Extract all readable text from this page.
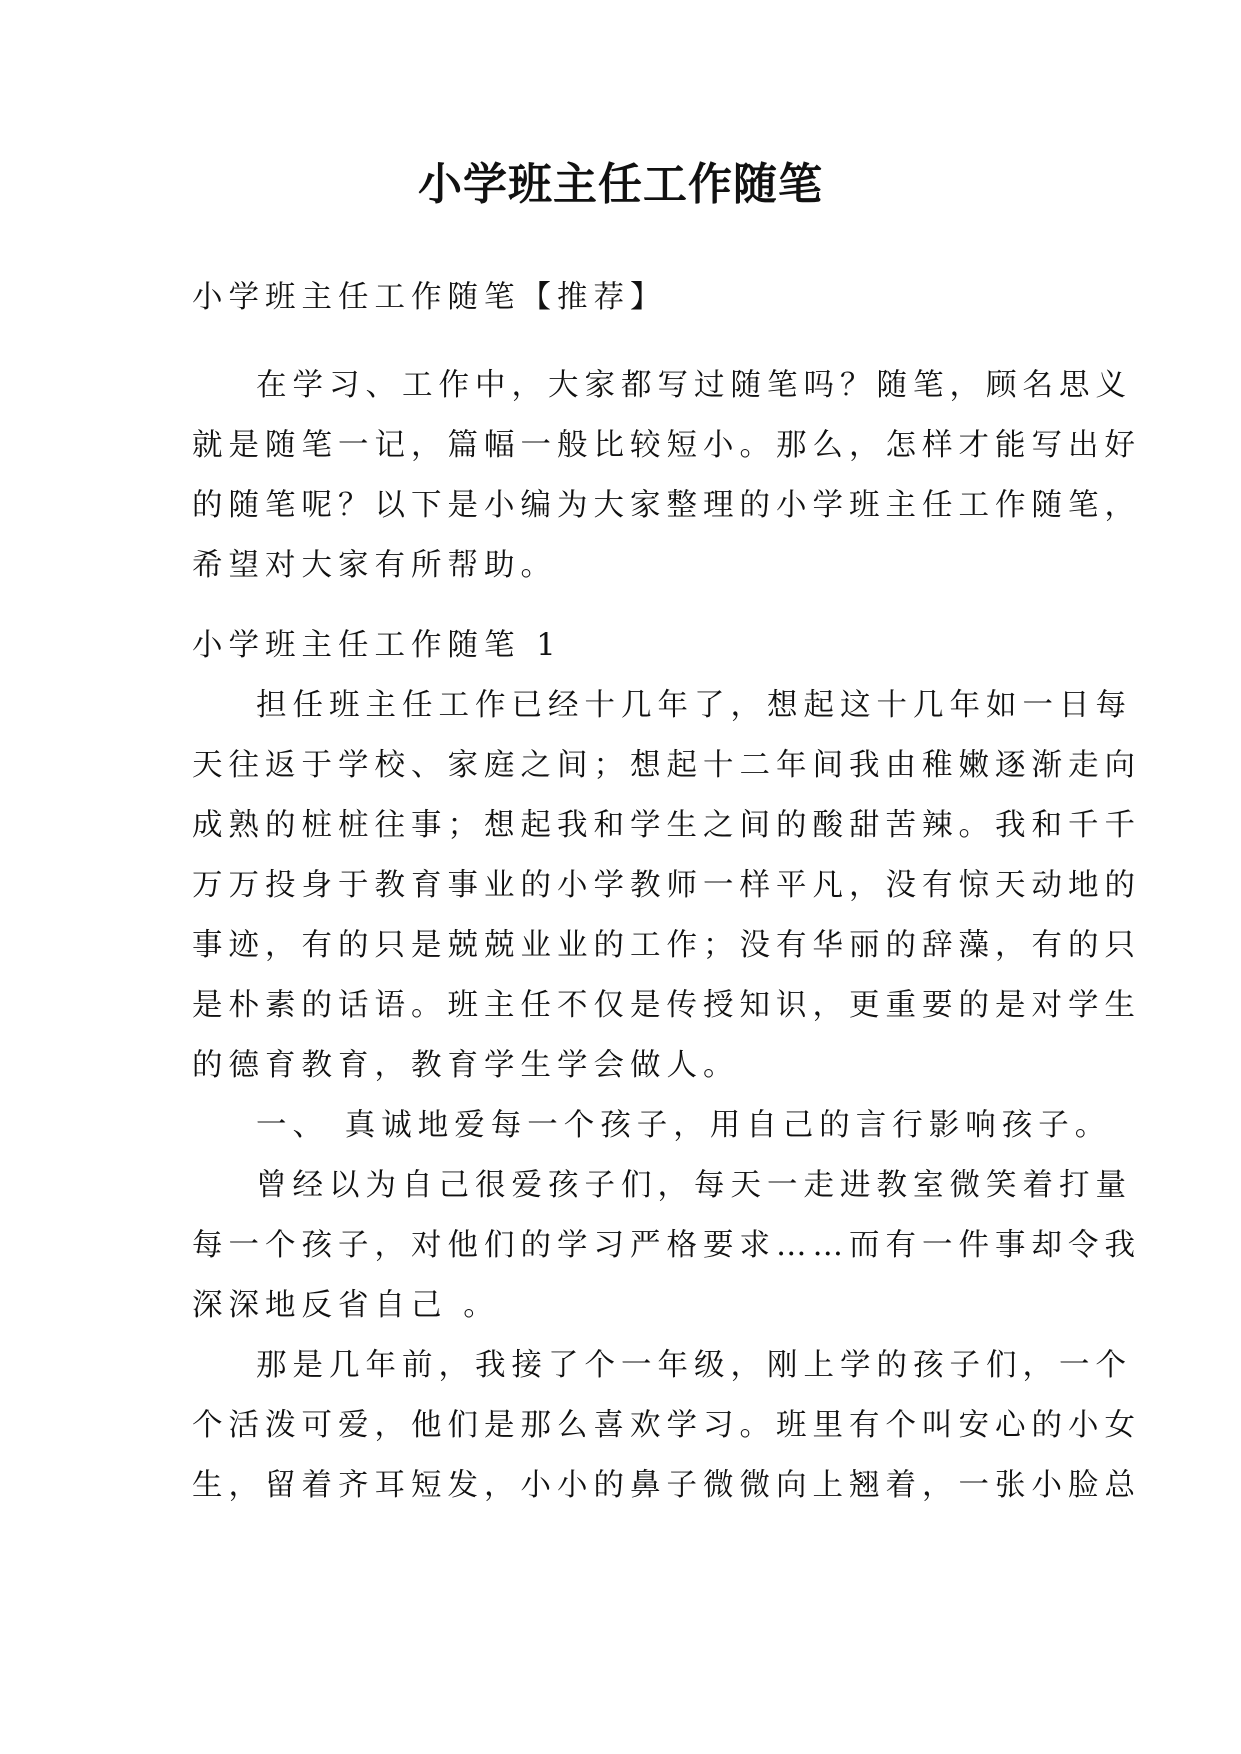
小学班主任工作随笔

小学班主任工作随笔【推荐】

在学习、工作中，大家都写过随笔吗？随笔，顾名思义
就是随笔一记，篇幅一般比较短小。那么，怎样才能写出好
的随笔呢？以下是小编为大家整理的小学班主任工作随笔，
希望对大家有所帮助。

小学班主任工作随笔 1

担任班主任工作已经十几年了，想起这十几年如一日每
天往返于学校、家庭之间；想起十二年间我由稚嫩逐渐走向
成熟的桩桩往事；想起我和学生之间的酸甜苦辣。我和千千
万万投身于教育事业的小学教师一样平凡，没有惊天动地的
事迹，有的只是兢兢业业的工作；没有华丽的辞藻，有的只
是朴素的话语。班主任不仅是传授知识，更重要的是对学生
的德育教育，教育学生学会做人。

一、 真诚地爱每一个孩子，用自己的言行影响孩子。

曾经以为自己很爱孩子们，每天一走进教室微笑着打量
每一个孩子，对他们的学习严格要求……而有一件事却令我
深深地反省自己 。

那是几年前，我接了个一年级，刚上学的孩子们，一个
个活泼可爱，他们是那么喜欢学习。班里有个叫安心的小女
生，留着齐耳短发，小小的鼻子微微向上翘着，一张小脸总
